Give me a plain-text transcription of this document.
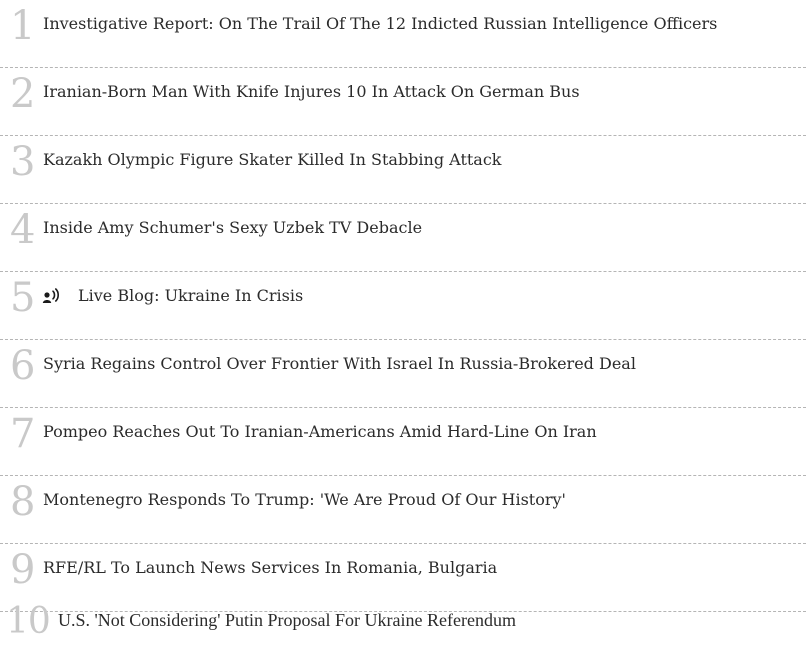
1 Investigative Report: On The Trail Of The 12 Indicted Russian Intelligence Officers
2 Iranian-Born Man With Knife Injures 10 In Attack On German Bus
3 Kazakh Olympic Figure Skater Killed In Stabbing Attack
4 Inside Amy Schumer's Sexy Uzbek TV Debacle
5	Live Blog: Ukraine In Crisis
6 Syria Regains Control Over Frontier With Israel In Russia-Brokered Deal
7 Pompeo Reaches Out To Iranian-Americans Amid Hard-Line On Iran
8 Montenegro Responds To Trump: 'We Are Proud Of Our History'
9 RFE/RL To Launch News Services In Romania, Bulgaria
10 U.S. 'Not Considering' Putin Proposal For Ukraine Referendum
